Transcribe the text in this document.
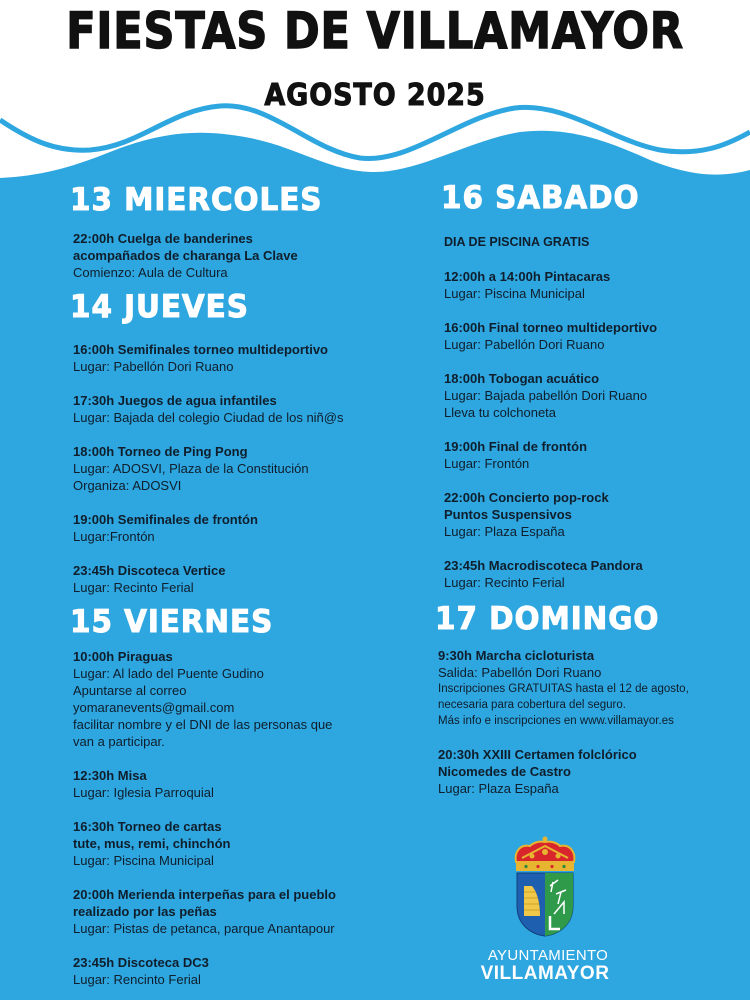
FIESTAS DE VILLAMAYOR
AGOSTO 2025
13 MIERCOLES
22:00h Cuelga de banderines
acompañados de charanga La Clave
Comienzo: Aula de Cultura
14 JUEVES
16:00h Semifinales torneo multideportivo
Lugar: Pabellón Dori Ruano
17:30h Juegos de agua infantiles
Lugar: Bajada del colegio Ciudad de los niñ@s
18:00h Torneo de Ping Pong
Lugar: ADOSVI, Plaza de la Constitución
Organiza: ADOSVI
19:00h Semifinales de frontón
Lugar:Frontón
23:45h Discoteca Vertice
Lugar: Recinto Ferial
15 VIERNES
10:00h Piraguas
Lugar: Al lado del Puente Gudino
Apuntarse al correo
yomaranevents@gmail.com
facilitar nombre y el DNI de las personas que
van a participar.
12:30h Misa
Lugar: Iglesia Parroquial
16:30h Torneo de cartas
tute, mus, remi, chinchón
Lugar: Piscina Municipal
20:00h Merienda interpeñas para el pueblo
realizado por las peñas
Lugar: Pistas de petanca, parque Anantapour
23:45h Discoteca DC3
Lugar: Rencinto Ferial
16 SABADO
DIA DE PISCINA GRATIS
12:00h a 14:00h Pintacaras
Lugar: Piscina Municipal
16:00h Final torneo multideportivo
Lugar: Pabellón Dori Ruano
18:00h Tobogan acuático
Lugar: Bajada pabellón Dori Ruano
Lleva tu colchoneta
19:00h Final de frontón
Lugar: Frontón
22:00h Concierto pop-rock
Puntos Suspensivos
Lugar: Plaza España
23:45h Macrodiscoteca Pandora
Lugar: Recinto Ferial
17 DOMINGO
9:30h Marcha cicloturista
Salida: Pabellón Dori Ruano
Inscripciones GRATUITAS hasta el 12 de agosto,
necesaria para cobertura del seguro.
Más info e inscripciones en www.villamayor.es
20:30h XXIII Certamen folclórico
Nicomedes de Castro
Lugar: Plaza España
AYUNTAMIENTO
VILLAMAYOR
